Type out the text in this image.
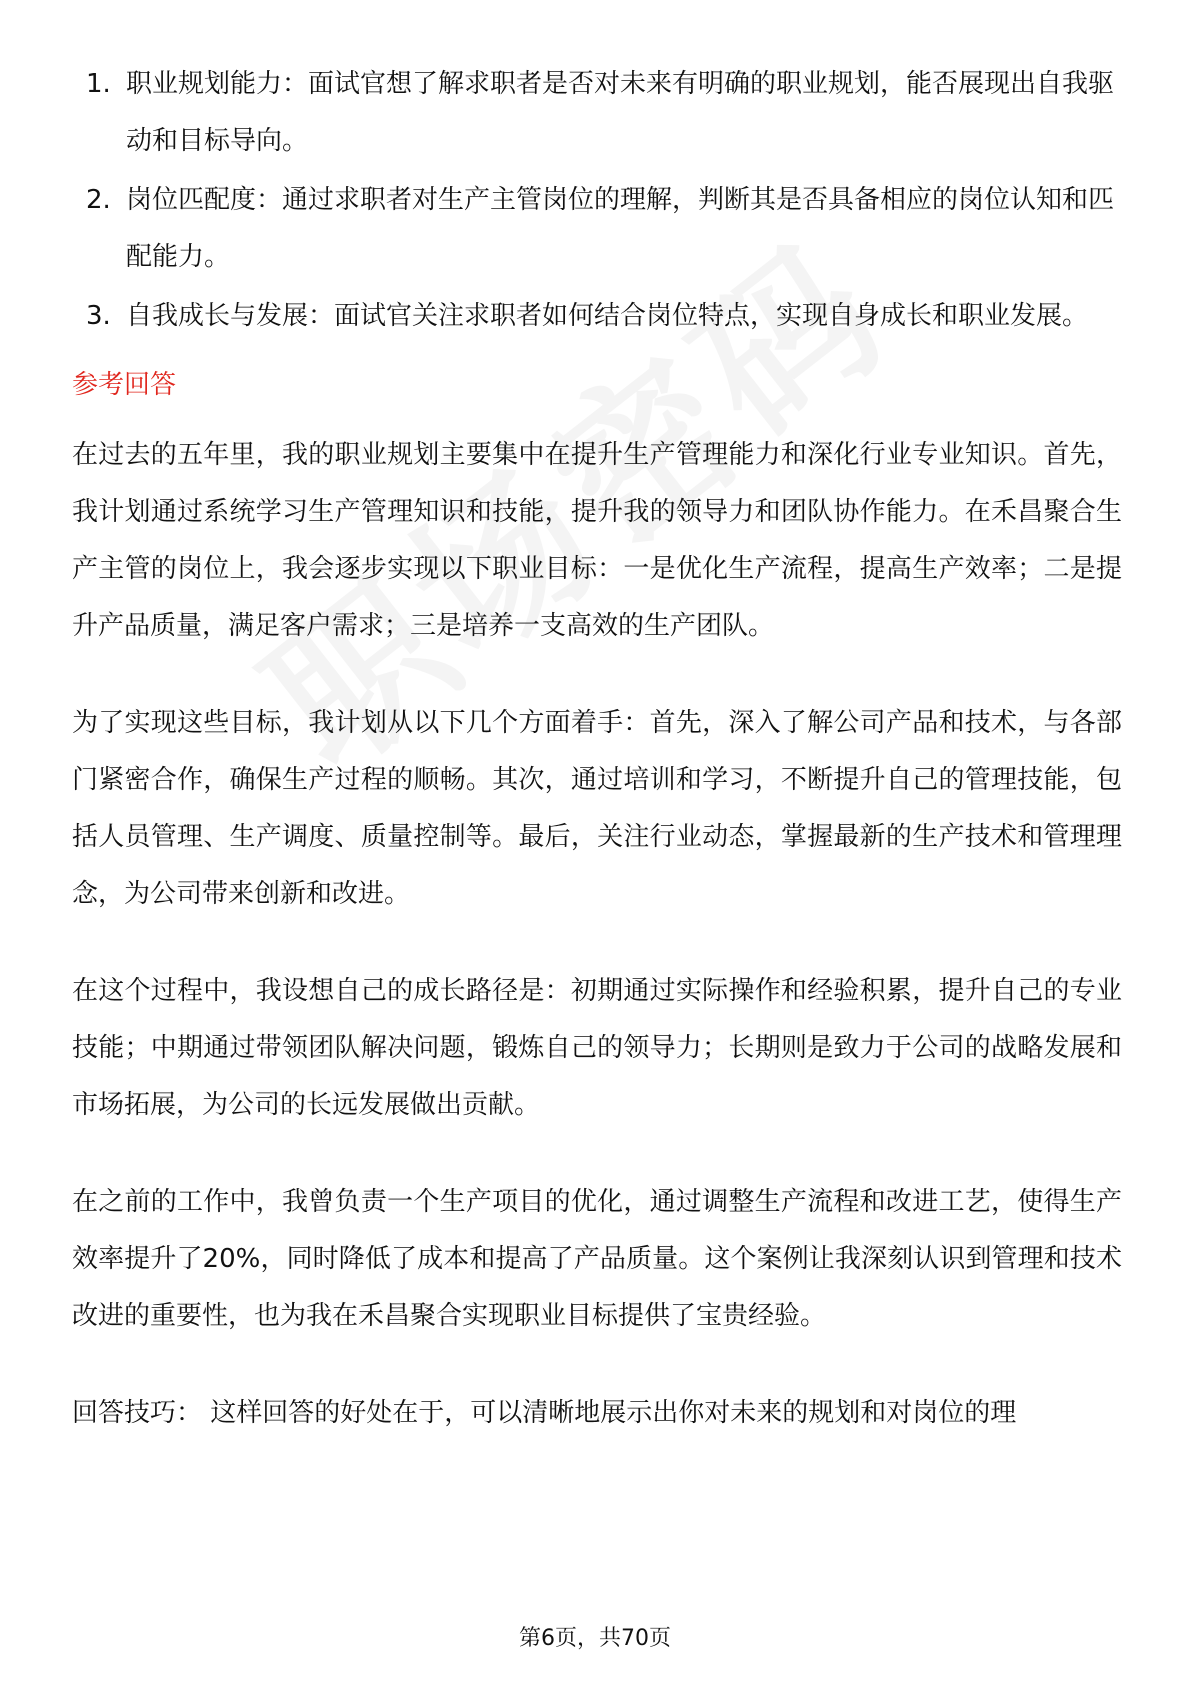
1. 职业规划能力：面试官想了解求职者是否对未来有明确的职业规划，能否展现出自我驱动和目标导向。
2. 岗位匹配度：通过求职者对生产主管岗位的理解，判断其是否具备相应的岗位认知和匹配能力。
3. 自我成长与发展：面试官关注求职者如何结合岗位特点，实现自身成长和职业发展。
参考回答

在过去的五年里，我的职业规划主要集中在提升生产管理能力和深化行业专业知识。首先，我计划通过系统学习生产管理知识和技能，提升我的领导力和团队协作能力。在禾昌聚合生产主管的岗位上，我会逐步实现以下职业目标：一是优化生产流程，提高生产效率；二是提升产品质量，满足客户需求；三是培养一支高效的生产团队。

为了实现这些目标，我计划从以下几个方面着手：首先，深入了解公司产品和技术，与各部门紧密合作，确保生产过程的顺畅。其次，通过培训和学习，不断提升自己的管理技能，包括人员管理、生产调度、质量控制等。最后，关注行业动态，掌握最新的生产技术和管理理念，为公司带来创新和改进。

在这个过程中，我设想自己的成长路径是：初期通过实际操作和经验积累，提升自己的专业技能；中期通过带领团队解决问题，锻炼自己的领导力；长期则是致力于公司的战略发展和市场拓展，为公司的长远发展做出贡献。

在之前的工作中，我曾负责一个生产项目的优化，通过调整生产流程和改进工艺，使得生产效率提升了20%，同时降低了成本和提高了产品质量。这个案例让我深刻认识到管理和技术改进的重要性，也为我在禾昌聚合实现职业目标提供了宝贵经验。

回答技巧： 这样回答的好处在于，可以清晰地展示出你对未来的规划和对岗位的理

第6页，共70页
